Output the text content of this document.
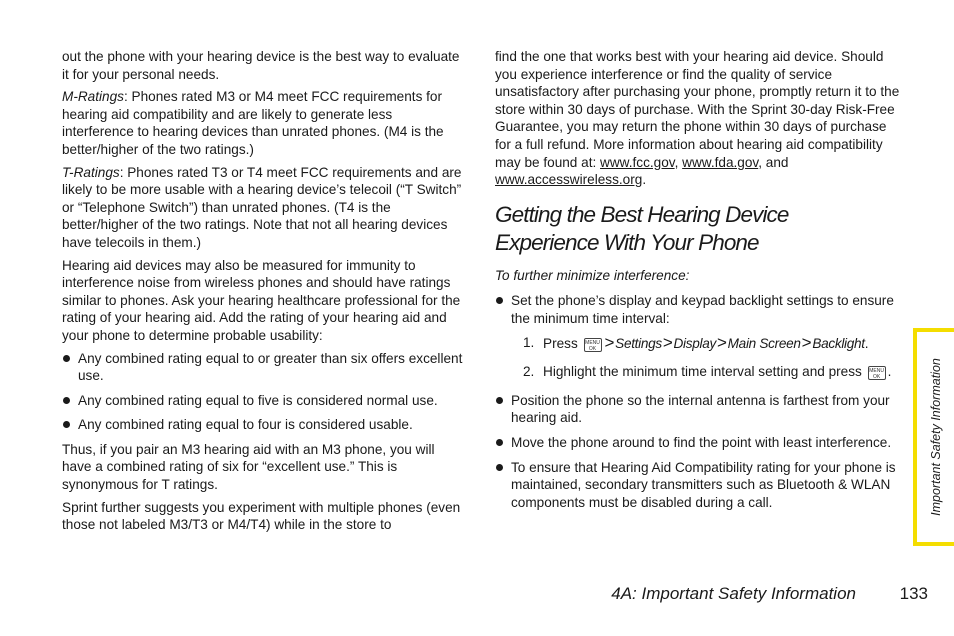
out the phone with your hearing device is the best way to evaluate it for your personal needs.

M-Ratings: Phones rated M3 or M4 meet FCC requirements for hearing aid compatibility and are likely to generate less interference to hearing devices than unrated phones. (M4 is the better/higher of the two ratings.)

T-Ratings: Phones rated T3 or T4 meet FCC requirements and are likely to be more usable with a hearing device’s telecoil (“T Switch” or “Telephone Switch”) than unrated phones. (T4 is the better/higher of the two ratings. Note that not all hearing devices have telecoils in them.)

Hearing aid devices may also be measured for immunity to interference noise from wireless phones and should have ratings similar to phones. Ask your hearing healthcare professional for the rating of your hearing aid. Add the rating of your hearing aid and your phone to determine probable usability:

Any combined rating equal to or greater than six offers excellent use.
Any combined rating equal to five is considered normal use.
Any combined rating equal to four is considered usable.

Thus, if you pair an M3 hearing aid with an M3 phone, you will have a combined rating of six for “excellent use.” This is synonymous for T ratings.

Sprint further suggests you experiment with multiple phones (even those not labeled M3/T3 or M4/T4) while in the store to

find the one that works best with your hearing aid device. Should you experience interference or find the quality of service unsatisfactory after purchasing your phone, promptly return it to the store within 30 days of purchase. With the Sprint 30-day Risk-Free Guarantee, you may return the phone within 30 days of purchase for a full refund. More information about hearing aid compatibility may be found at: www.fcc.gov, www.fda.gov, and www.accesswireless.org.

Getting the Best Hearing Device
Experience With Your Phone

To further minimize interference:

Set the phone’s display and keypad backlight settings to ensure the minimum time interval:
1. Press MENU
OK >Settings>Display>Main Screen>Backlight.
2. Highlight the minimum time interval setting and press MENU
OK .
Position the phone so the internal antenna is farthest from your hearing aid.
Move the phone around to find the point with least interference.
To ensure that Hearing Aid Compatibility rating for your phone is maintained, secondary transmitters such as Bluetooth & WLAN components must be disabled during a call.	Important Safety Information
4A: Important Safety Information	133
